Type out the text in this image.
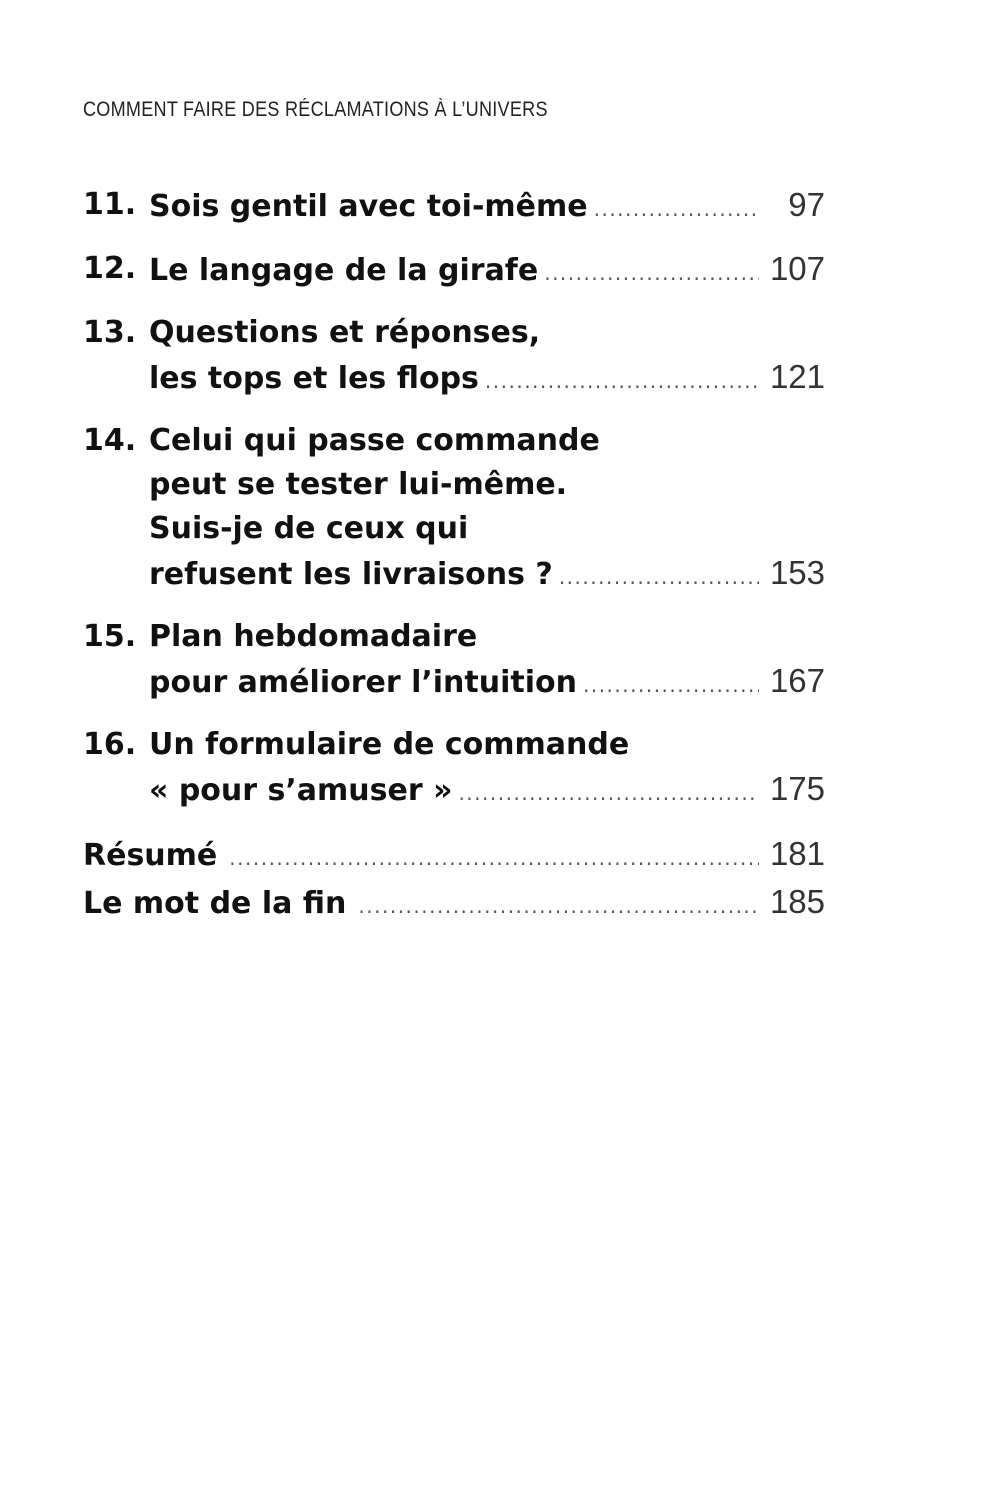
COMMENT FAIRE DES RÉCLAMATIONS À L’UNIVERS
11. Sois gentil avec toi-même .....	97
12. Le langage de la girafe .....	107
13. Questions et réponses,
les tops et les flops .....	121
14. Celui qui passe commande
peut se tester lui-même.
Suis-je de ceux qui
refusent les livraisons ? .....	153
15. Plan hebdomadaire
pour améliorer l’intuition .....	167
16. Un formulaire de commande
« pour s’amuser » .....	175
Résumé .....	181
Le mot de la fin .....	185
